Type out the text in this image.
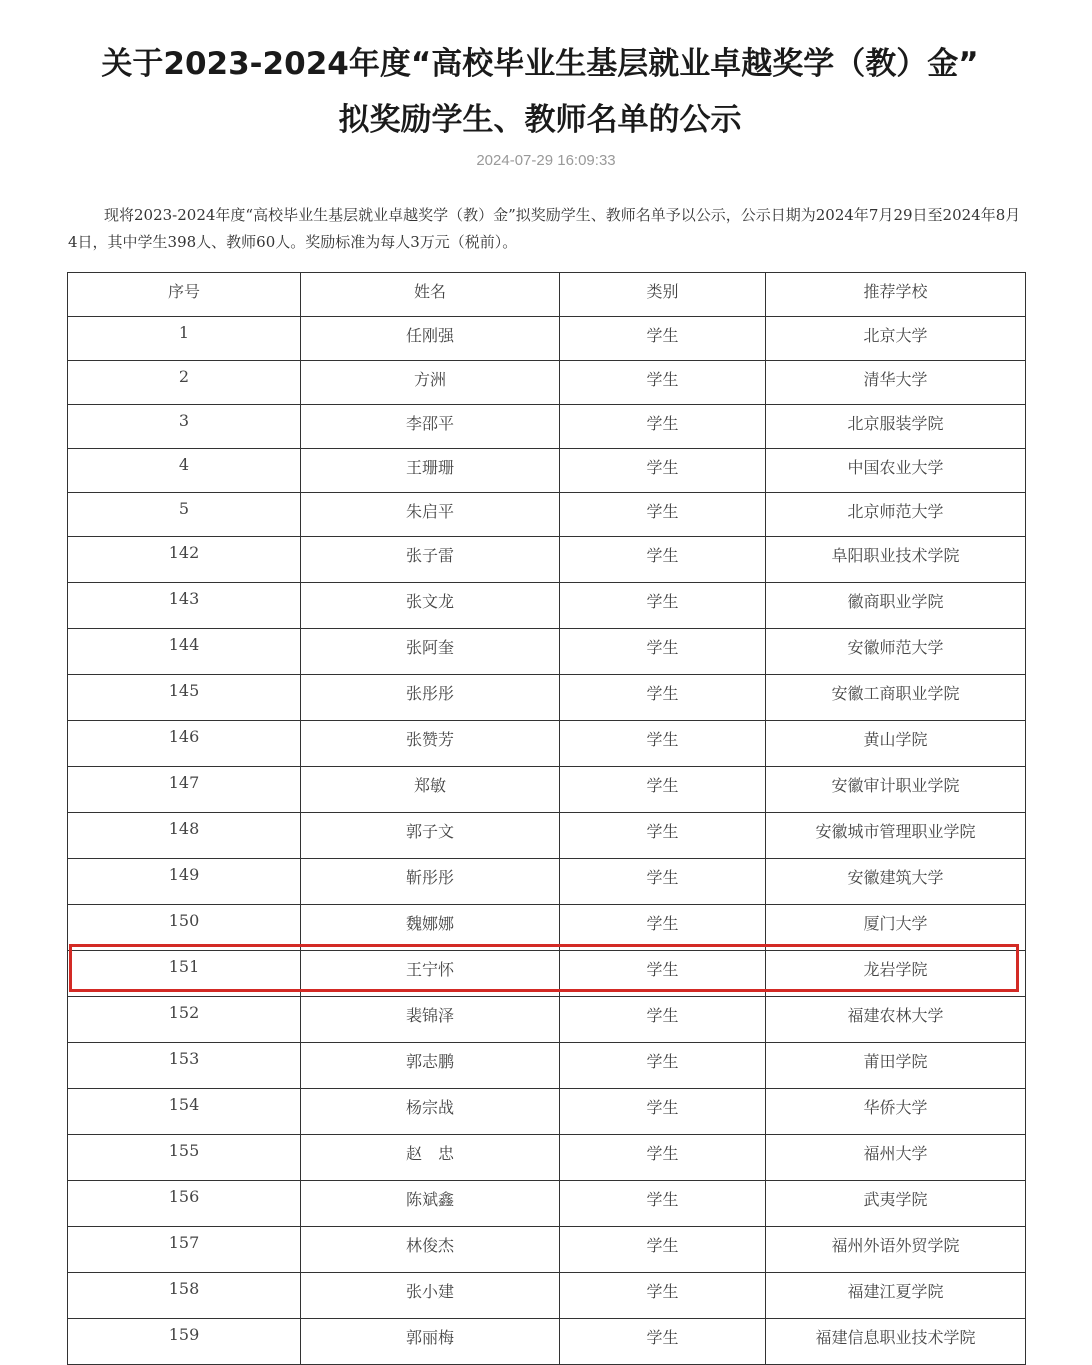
关于2023-2024年度“高校毕业生基层就业卓越奖学（教）金”
拟奖励学生、教师名单的公示
2024-07-29 16:09:33

现将2023-2024年度“高校毕业生基层就业卓越奖学（教）金”拟奖励学生、教师名单予以公示，公示日期为2024年7月29日至2024年8月4日，其中学生398人、教师60人。奖励标准为每人3万元（税前）。

序号	姓名	类别	推荐学校
1	任刚强	学生	北京大学
2	方洲	学生	清华大学
3	李邵平	学生	北京服装学院
4	王珊珊	学生	中国农业大学
5	朱启平	学生	北京师范大学
142	张子雷	学生	阜阳职业技术学院
143	张文龙	学生	徽商职业学院
144	张阿奎	学生	安徽师范大学
145	张彤彤	学生	安徽工商职业学院
146	张赞芳	学生	黄山学院
147	郑敏	学生	安徽审计职业学院
148	郭子文	学生	安徽城市管理职业学院
149	靳彤彤	学生	安徽建筑大学
150	魏娜娜	学生	厦门大学
151	王宁怀	学生	龙岩学院
152	裴锦泽	学生	福建农林大学
153	郭志鹏	学生	莆田学院
154	杨宗战	学生	华侨大学
155	赵　忠	学生	福州大学
156	陈斌鑫	学生	武夷学院
157	林俊杰	学生	福州外语外贸学院
158	张小建	学生	福建江夏学院
159	郭丽梅	学生	福建信息职业技术学院
